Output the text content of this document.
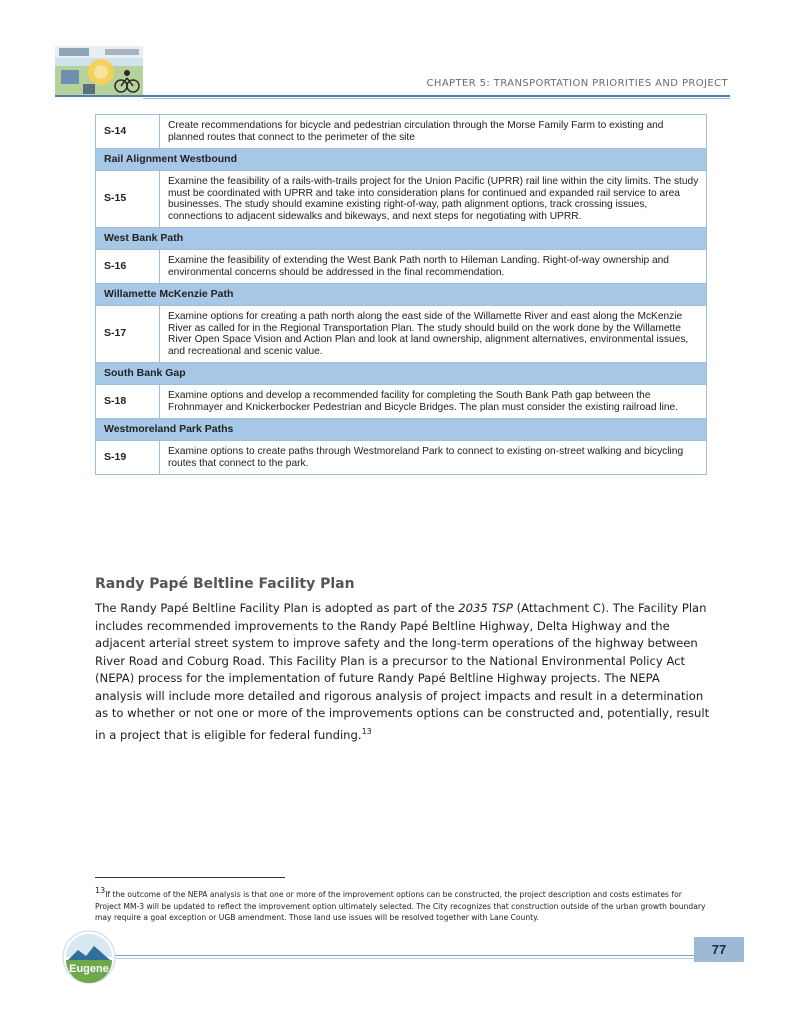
CHAPTER 5: TRANSPORTATION PRIORITIES AND PROJECT
S-14	Create recommendations for bicycle and pedestrian circulation through the Morse Family Farm to existing and planned routes that connect to the perimeter of the site
Rail Alignment Westbound	
S-15	Examine the feasibility of a rails-with-trails project for the Union Pacific (UPRR) rail line within the city limits. The study must be coordinated with UPRR and take into consideration plans for continued and expanded rail service to area businesses. The study should examine existing right-of-way, path alignment options, track crossing issues, connections to adjacent sidewalks and bikeways, and next steps for negotiating with UPRR.
West Bank Path	
S-16	Examine the feasibility of extending the West Bank Path north to Hileman Landing. Right-of-way ownership and environmental concerns should be addressed in the final recommendation.
Willamette McKenzie Path	
S-17	Examine options for creating a path north along the east side of the Willamette River and east along the McKenzie River as called for in the Regional Transportation Plan. The study should build on the work done by the Willamette River Open Space Vision and Action Plan and look at land ownership, alignment alternatives, environmental issues, and recreational and scenic value.
South Bank Gap	
S-18	Examine options and develop a recommended facility for completing the South Bank Path gap between the Frohnmayer and Knickerbocker Pedestrian and Bicycle Bridges. The plan must consider the existing railroad line.
Westmoreland Park Paths	
S-19	Examine options to create paths through Westmoreland Park to connect to existing on-street walking and bicycling routes that connect to the park.
Randy Papé Beltline Facility Plan
The Randy Papé Beltline Facility Plan is adopted as part of the 2035 TSP (Attachment C). The Facility Plan includes recommended improvements to the Randy Papé Beltline Highway, Delta Highway and the adjacent arterial street system to improve safety and the long-term operations of the highway between River Road and Coburg Road. This Facility Plan is a precursor to the National Environmental Policy Act (NEPA) process for the implementation of future Randy Papé Beltline Highway projects. The NEPA analysis will include more detailed and rigorous analysis of project impacts and result in a determination as to whether or not one or more of the improvements options can be constructed and, potentially, result in a project that is eligible for federal funding.$^{13}$
13If the outcome of the NEPA analysis is that one or more of the improvement options can be constructed, the project description and costs estimates for Project MM-3 will be updated to reflect the improvement option ultimately selected. The City recognizes that construction outside of the urban growth boundary may require a goal exception or UGB amendment. Those land use issues will be resolved together with Lane County.
Eugene
77
